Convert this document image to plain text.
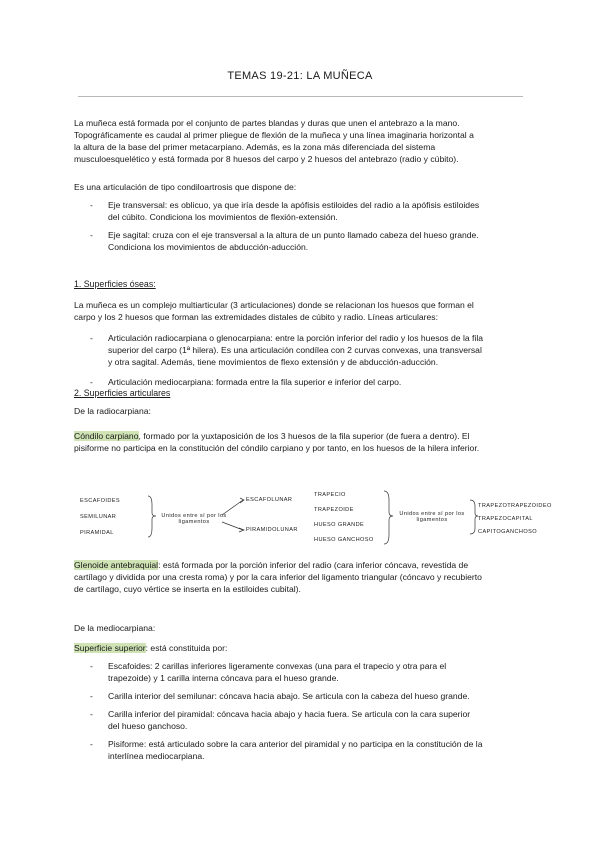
TEMAS 19-21: LA MUÑECA
La muñeca está formada por el conjunto de partes blandas y duras que unen el antebrazo a la mano.
Topográficamente es caudal al primer pliegue de flexión de la muñeca y una línea imaginaria horizontal a
la altura de la base del primer metacarpiano. Además, es la zona más diferenciada del sistema
musculoesquelético y está formada por 8 huesos del carpo y 2 huesos del antebrazo (radio y cúbito).
Es una articulación de tipo condiloartrosis que dispone de:
- Eje transversal: es oblicuo, ya que iría desde la apófisis estiloides del radio a la apófisis estiloides
del cúbito. Condiciona los movimientos de flexión-extensión.
- Eje sagital: cruza con el eje transversal a la altura de un punto llamado cabeza del hueso grande.
Condiciona los movimientos de abducción-aducción.
1. Superficies óseas:
La muñeca es un complejo multiarticular (3 articulaciones) donde se relacionan los huesos que forman el
carpo y los 2 huesos que forman las extremidades distales de cúbito y radio. Líneas articulares:
- Articulación radiocarpiana o glenocarpiana: entre la porción inferior del radio y los huesos de la fila
superior del carpo (1ª hilera). Es una articulación condílea con 2 curvas convexas, una transversal
y otra sagital. Además, tiene movimientos de flexo extensión y de abducción-aducción.
- Articulación mediocarpiana: formada entre la fila superior e inferior del carpo.
2. Superficies articulares
De la radiocarpiana:
Cóndilo carpiano, formado por la yuxtaposición de los 3 huesos de la fila superior (de fuera a dentro). El
pisiforme no participa en la constitución del cóndilo carpiano y por tanto, en los huesos de la hilera inferior.
ESCAFOIDES
SEMILUNAR
PIRAMIDAL
Unidos entre sí por los
ligamentos
ESCAFOLUNAR
PIRAMIDOLUNAR
TRAPECIO
TRAPEZOIDE
HUESO GRANDE
HUESO GANCHOSO
Unidos entre sí por los
ligamentos
TRAPEZOTRAPEZOIDEO
TRAPEZOCAPITAL
CAPITOGANCHOSO
Glenoide antebraquial: está formada por la porción inferior del radio (cara inferior cóncava, revestida de
cartílago y dividida por una cresta roma) y por la cara inferior del ligamento triangular (cóncavo y recubierto
de cartílago, cuyo vértice se inserta en la estiloides cubital).
De la mediocarpiana:
Superficie superior: está constituida por:
- Escafoides: 2 carillas inferiores ligeramente convexas (una para el trapecio y otra para el
trapezoide) y 1 carilla interna cóncava para el hueso grande.
- Carilla interior del semilunar: cóncava hacia abajo. Se articula con la cabeza del hueso grande.
- Carilla inferior del piramidal: cóncava hacia abajo y hacia fuera. Se articula con la cara superior
del hueso ganchoso.
- Pisiforme: está articulado sobre la cara anterior del piramidal y no participa en la constitución de la
interlínea mediocarpiana.
